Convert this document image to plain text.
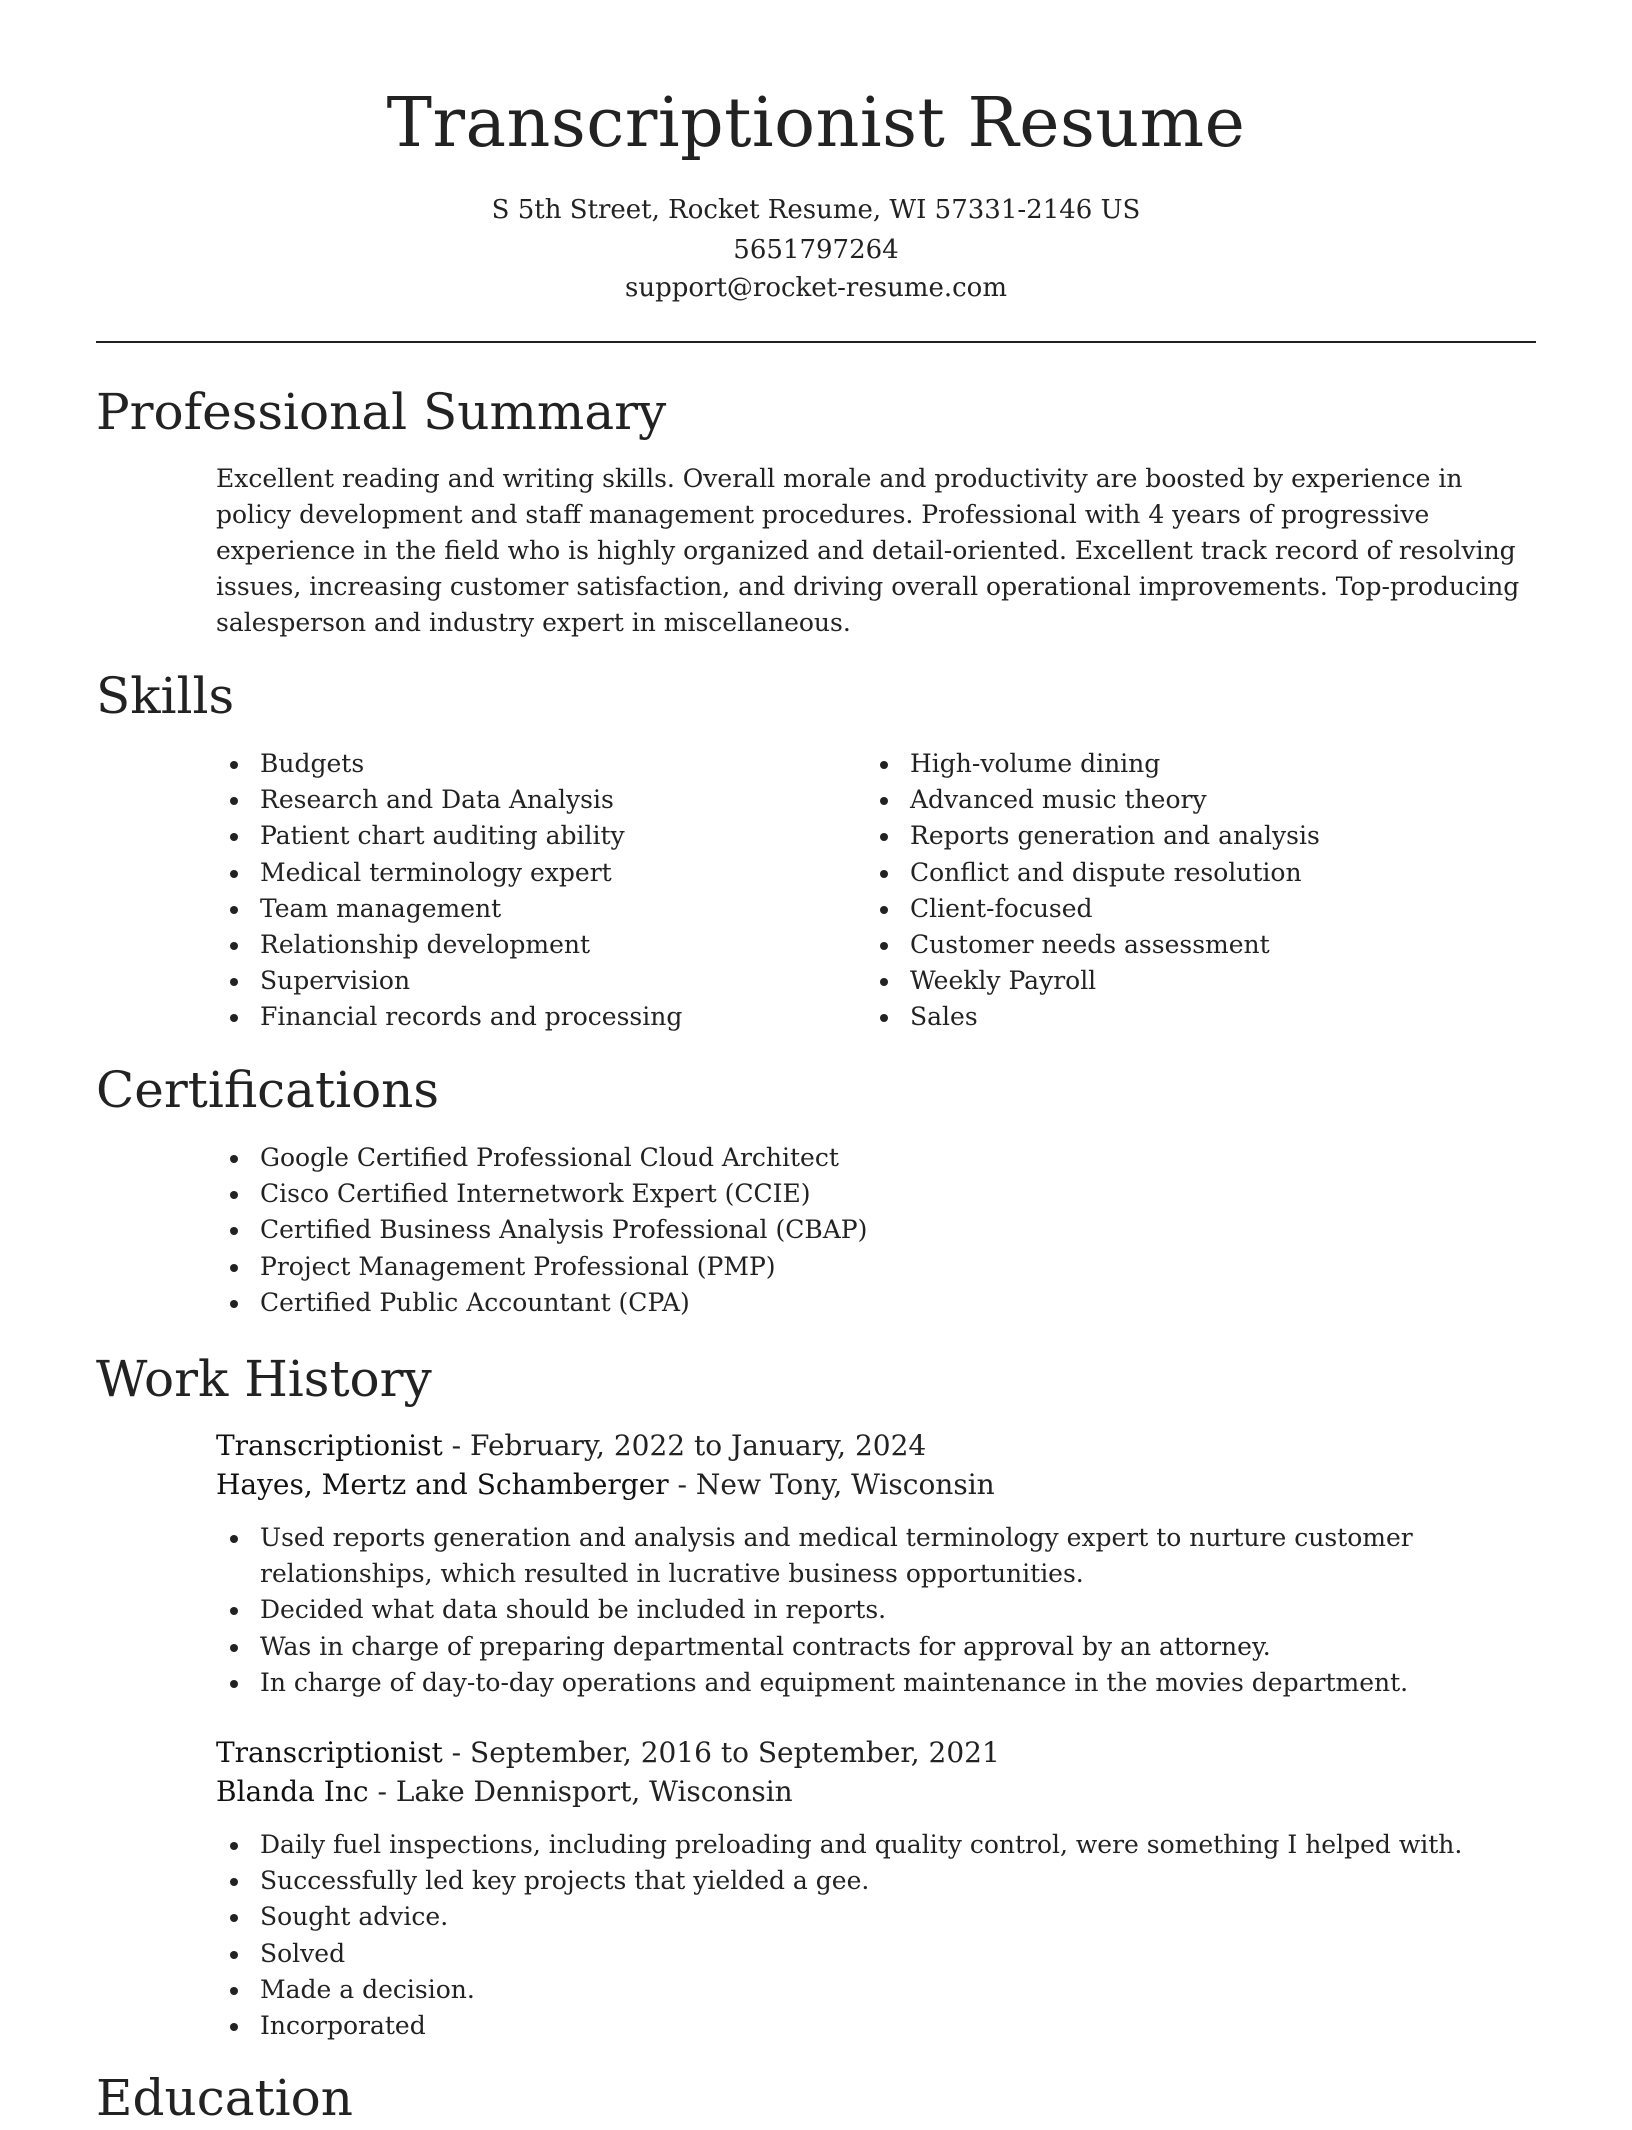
Transcriptionist Resume
S 5th Street, Rocket Resume, WI 57331-2146 US
5651797264
support@rocket-resume.com
Professional Summary

Excellent reading and writing skills. Overall morale and productivity are boosted by experience in policy development and staff management procedures. Professional with 4 years of progressive experience in the field who is highly organized and detail-oriented. Excellent track record of resolving issues, increasing customer satisfaction, and driving overall operational improvements. Top-producing salesperson and industry expert in miscellaneous.

Skills
Budgets
Research and Data Analysis
Patient chart auditing ability
Medical terminology expert
Team management
Relationship development
Supervision
Financial records and processing
High-volume dining
Advanced music theory
Reports generation and analysis
Conflict and dispute resolution
Client-focused
Customer needs assessment
Weekly Payroll
Sales
Certifications
Google Certified Professional Cloud Architect
Cisco Certified Internetwork Expert (CCIE)
Certified Business Analysis Professional (CBAP)
Project Management Professional (PMP)
Certified Public Accountant (CPA)
Work History
Transcriptionist - February, 2022 to January, 2024
Hayes, Mertz and Schamberger - New Tony, Wisconsin
Used reports generation and analysis and medical terminology expert to nurture customer relationships, which resulted in lucrative business opportunities.
Decided what data should be included in reports.
Was in charge of preparing departmental contracts for approval by an attorney.
In charge of day-to-day operations and equipment maintenance in the movies department.
Transcriptionist - September, 2016 to September, 2021
Blanda Inc - Lake Dennisport, Wisconsin
Daily fuel inspections, including preloading and quality control, were something I helped with.
Successfully led key projects that yielded a gee.
Sought advice.
Solved
Made a decision.
Incorporated
Education
